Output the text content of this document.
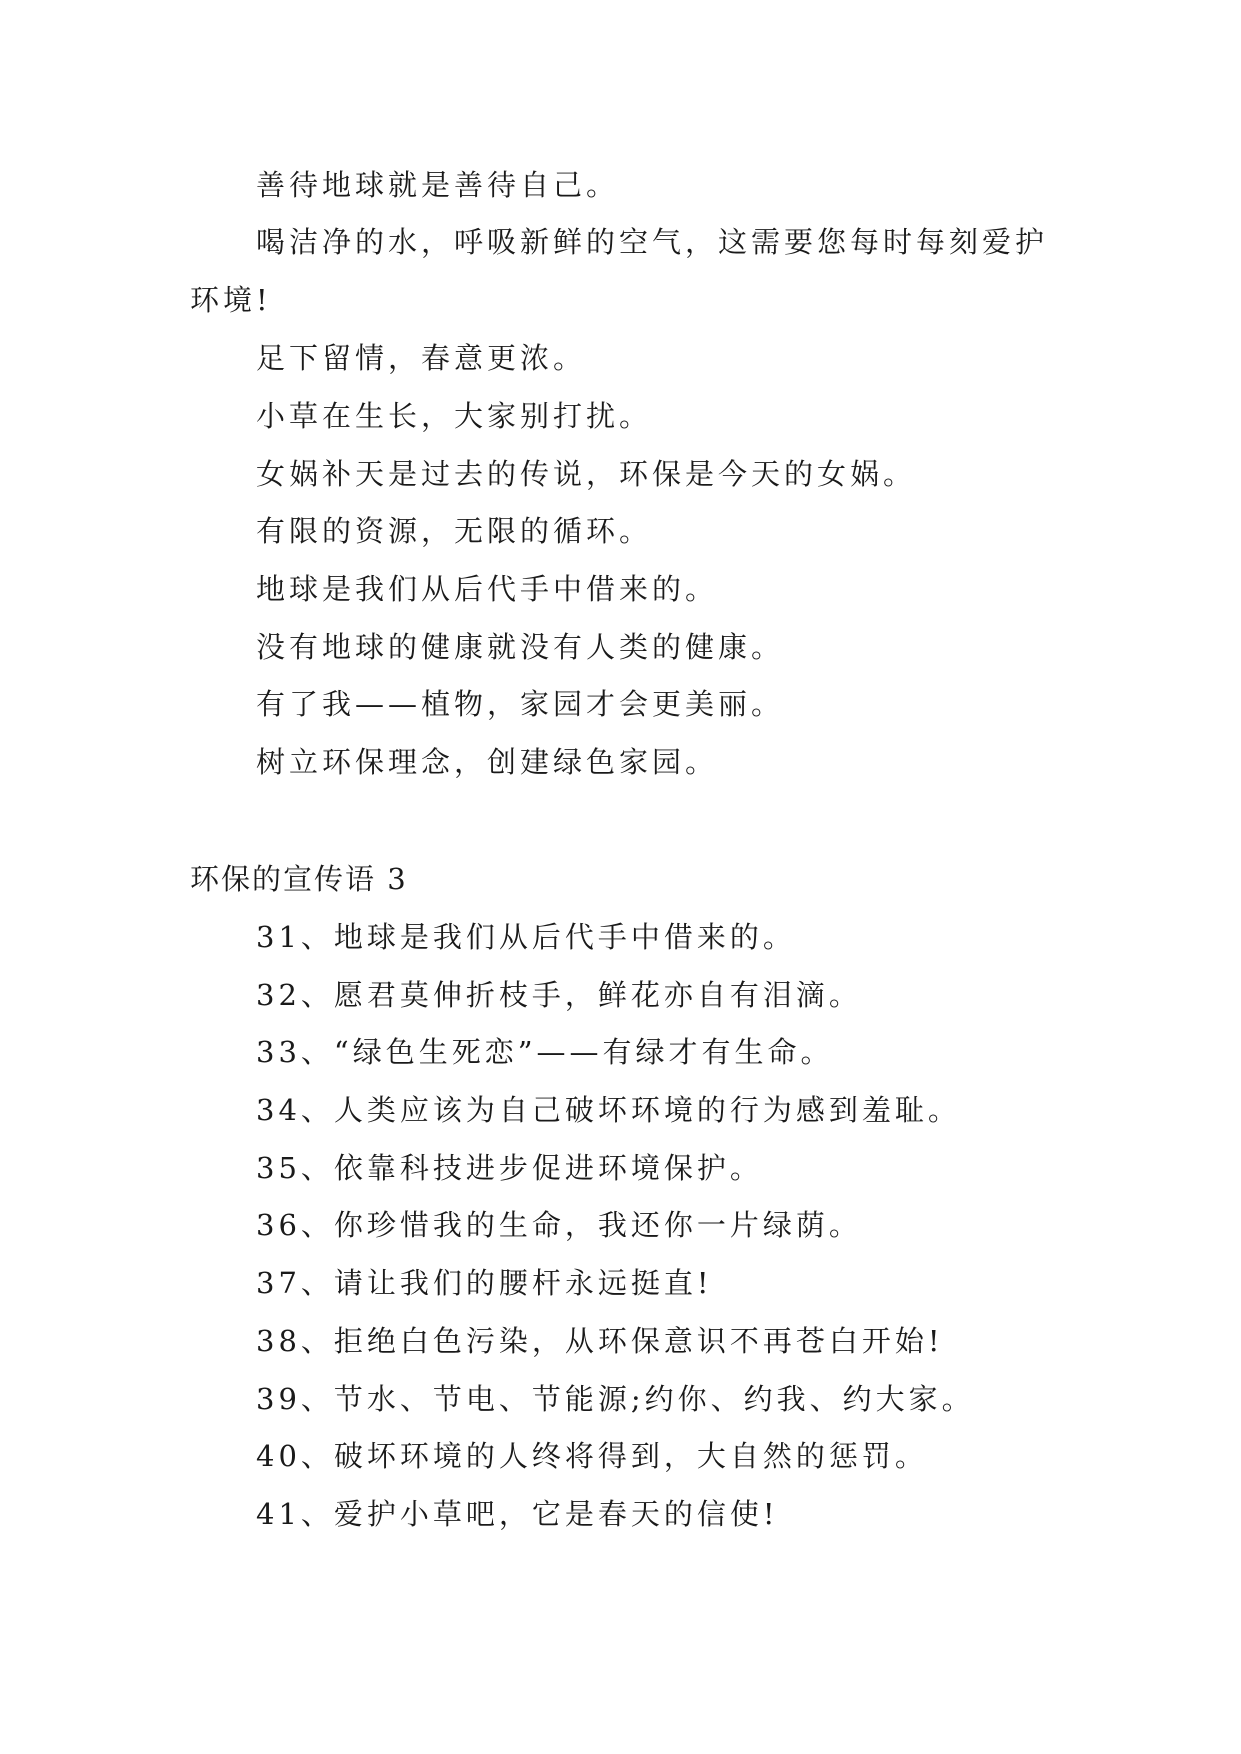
善待地球就是善待自己。

喝洁净的水，呼吸新鲜的空气，这需要您每时每刻爱护

环境!

足下留情，春意更浓。

小草在生长，大家别打扰。

女娲补天是过去的传说，环保是今天的女娲。

有限的资源，无限的循环。

地球是我们从后代手中借来的。

没有地球的健康就没有人类的健康。

有了我——植物，家园才会更美丽。

树立环保理念，创建绿色家园。

环保的宣传语 3

31、地球是我们从后代手中借来的。

32、愿君莫伸折枝手，鲜花亦自有泪滴。

33、“绿色生死恋”——有绿才有生命。

34、人类应该为自己破坏环境的行为感到羞耻。

35、依靠科技进步促进环境保护。

36、你珍惜我的生命，我还你一片绿荫。

37、请让我们的腰杆永远挺直!

38、拒绝白色污染，从环保意识不再苍白开始!

39、节水、节电、节能源;约你、约我、约大家。

40、破坏环境的人终将得到，大自然的惩罚。

41、爱护小草吧，它是春天的信使!
